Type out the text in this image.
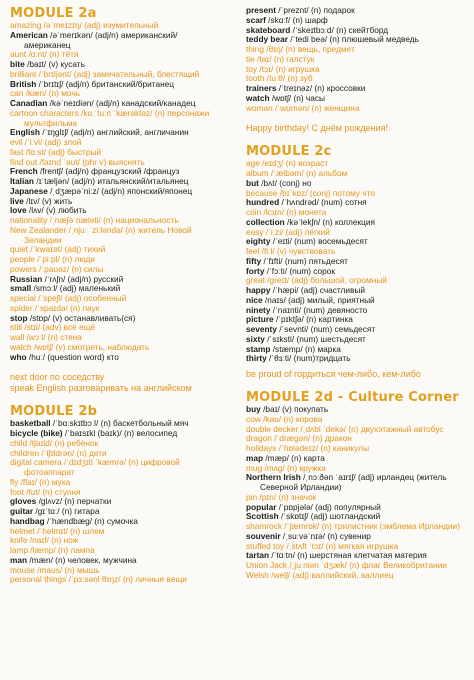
MODULE 2a
amazing /əˈmeɪzɪŋ/ (adj) изумительный
American /əˈmerɪkən/ (adj/n) американский/
американец
aunt /ɑːnt/ (n) тётя
bite /baɪt/ (v) кусать
brilliant /ˈbrɪljənt/ (adj) замечательный, блестящий
British /ˈbrɪtɪʃ/ (adj/n) британский/британец
can /kæn/ (n) мочь
Canadian /kəˈneɪdiən/ (adj/n) канадский/канадец
cartoon characters /kɑːˈtuːn ˈkærəktəz/ (n) персонажи
мультфильма
English /ˈɪŋɡlɪʃ/ (adj/n) английский, англичанин
evil /ˈiːvl/ (adj) злой
fast /fɑːst/ (adj) быстрый
find out /faɪnd ˈaʊt/ (phr v) выяснять
French /frentʃ/ (adj/n) французский /француз
Italian /ɪˈtæljən/ (adj/n) итальянский/итальянец
Japanese /ˌdʒæpəˈniːz/ (adj/n) японский/японец
live /lɪv/ (v) жить
love /lʌv/ (v) любить
nationality /ˌnæʃəˈnæləti/ (n) национальность
New Zealander /ˌnjuː ˈziːləndə/ (n) житель Новой
Зеландии
quiet /ˈkwaɪət/ (adj) тихий
people /ˈpiːpl/ (n) люди
powers /ˈpaʊəz/ (n) силы
Russian /ˈrʌʃn/ (adj/n) русский
small /smɔːl/ (adj) маленький
special /ˈspeʃl/ (adj) особенный
spider /ˈspaɪdə/ (n) паук
stop /stɒp/ (v) останавливать(ся)
still /stɪl/ (adv) всё ещё
wall /wɔːl/ (n) стена
watch /wɒtʃ/ (v) смотреть, наблюдать
who /huː/ (question word) кто
next door по соседству
speak English разговаривать на английском
MODULE 2b
basketball /ˈbɑːskɪtbɔːl/ (n) баскетбольный мяч
bicycle (bike) /ˈbaɪsɪkl (baɪk)/ (n) велосипед
child /tʃaɪld/ (n) ребёнок
children /ˈtʃɪldrən/ (n) дети
digital camera /ˈdɪdʒɪtl ˈkæmrə/ (n) цифровой
фотоаппарат
fly /flaɪ/ (n) муха
foot /fʊt/ (n) ступня
gloves /ɡlʌvz/ (n) перчатки
guitar /ɡɪˈtɑː/ (n) гитара
handbag /ˈhændbæɡ/ (n) сумочка
helmet /ˈhelmɪt/ (n) шлем
knife /naɪf/ (n) нож
lamp /læmp/ (n) лампа
man /mæn/ (n) человек, мужчина
mouse /maʊs/ (n) мышь
personal things /ˈpɜːsənl θɪŋz/ (n) личные вещи
present /ˈpreznt/ (n) подарок
scarf /skɑːf/ (n) шарф
skateboard /ˈskeɪtbɔːd/ (n) скейтборд
teddy bear /ˈtedi beə/ (n) плюшевый медведь
thing /θɪŋ/ (n) вещь, предмет
tie /taɪ/ (n) галстук
toy /tɔɪ/ (n) игрушка
tooth /tuːθ/ (n) зуб
trainers /ˈtreɪnəz/ (n) кроссовки
watch /wɒtʃ/ (n) часы
woman /ˈwʊmən/ (n) женщина
Happy birthday! С днём рождения!
MODULE 2c
age /eɪdʒ/ (n) возраст
album /ˈælbəm/ (n) альбом
but /bʌt/ (conj) но
because /bɪˈkɒz/ (conj) потому что
hundred /ˈhʌndrəd/ (num) сотня
coin /kɔɪn/ (n) монета
collection /kəˈlekʃn/ (n) коллекция
easy /ˈiːzi/ (adj) лёгкий
eighty /ˈeɪti/ (num) восемьдесят
feel /fiːl/ (v) чувствовать
fifty /ˈfɪfti/ (num) пятьдесят
forty /ˈfɔːti/ (num) сорок
great /ɡreɪt/ (adj) большой, огромный
happy /ˈhæpi/ (adj) счастливый
nice /naɪs/ (adj) милый, приятный
ninety /ˈnaɪnti/ (num) девяносто
picture /ˈpɪktʃə/ (n) картинка
seventy /ˈsevnti/ (num) семьдесят
sixty /ˈsɪksti/ (num) шестьдесят
stamp /stæmp/ (n) марка
thirty /ˈθɜːti/ (num)тридцать
be proud of гордиться чем-либо, кем-либо
MODULE 2d - Culture Corner
buy /baɪ/ (v) покупать
cow /kaʊ/ (n) корова
double decker /ˌdʌbl ˈdekə/ (n) двухэтажный автобус
dragon /ˈdræɡən/ (n) дракон
holidays /ˈhɒlədeɪz/ (n) каникулы
map /mæp/ (n) карта
mug /mʌɡ/ (n) кружка
Northern Irish /ˌnɔːðən ˈaɪrɪʃ/ (adj) ирландец (житель
Северной Ирландии)
pin /pɪn/ (n) значок
popular /ˈpɒpjələ/ (adj) популярный
Scottish /ˈskɒtɪʃ/ (adj) шотландский
shamrock /ˈʃæmrɒk/ (n) трилистник (эмблема Ирландии)
souvenir /ˌsuːvəˈnɪə/ (n) сувенир
stuffed toy /ˌstʌft ˈtɔɪ/ (n) мягкая игрушка
tartan /ˈtɑːtn/ (n) шерстяная клетчатая материя
Union Jack /ˌjuːniən ˈdʒæk/ (n) флаг Великобритании
Welsh /welʃ/ (adj) валлийский, валлиец
